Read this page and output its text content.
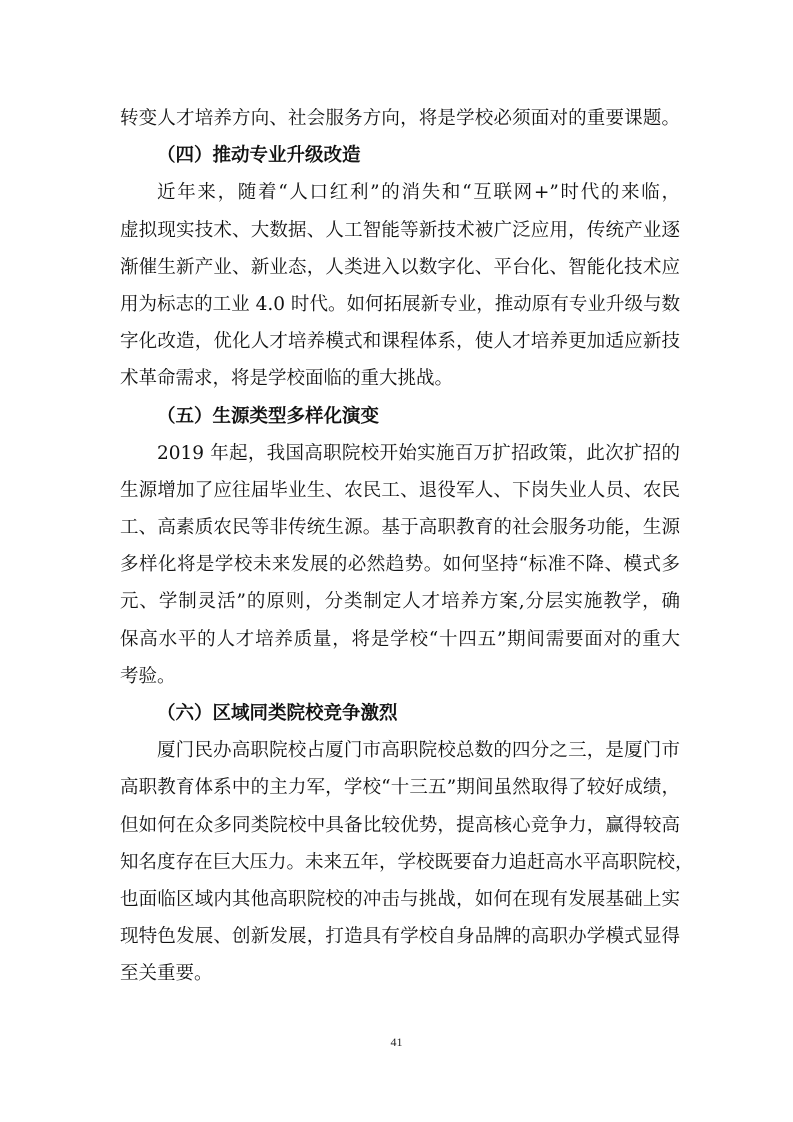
转变人才培养方向、社会服务方向，将是学校必须面对的重要课题。
（四）推动专业升级改造
近年来，随着“人口红利”的消失和“互联网+”时代的来临，
虚拟现实技术、大数据、人工智能等新技术被广泛应用，传统产业逐
渐催生新产业、新业态，人类进入以数字化、平台化、智能化技术应
用为标志的工业 4.0 时代。如何拓展新专业，推动原有专业升级与数
字化改造，优化人才培养模式和课程体系，使人才培养更加适应新技
术革命需求，将是学校面临的重大挑战。
（五）生源类型多样化演变
2019 年起，我国高职院校开始实施百万扩招政策，此次扩招的
生源增加了应往届毕业生、农民工、退役军人、下岗失业人员、农民
工、高素质农民等非传统生源。基于高职教育的社会服务功能，生源
多样化将是学校未来发展的必然趋势。如何坚持“标准不降、模式多
元、学制灵活”的原则，分类制定人才培养方案,分层实施教学，确
保高水平的人才培养质量，将是学校“十四五”期间需要面对的重大
考验。
（六）区域同类院校竞争激烈
厦门民办高职院校占厦门市高职院校总数的四分之三，是厦门市
高职教育体系中的主力军，学校“十三五”期间虽然取得了较好成绩，
但如何在众多同类院校中具备比较优势，提高核心竞争力，赢得较高
知名度存在巨大压力。未来五年，学校既要奋力追赶高水平高职院校，
也面临区域内其他高职院校的冲击与挑战，如何在现有发展基础上实
现特色发展、创新发展，打造具有学校自身品牌的高职办学模式显得
至关重要。
41
